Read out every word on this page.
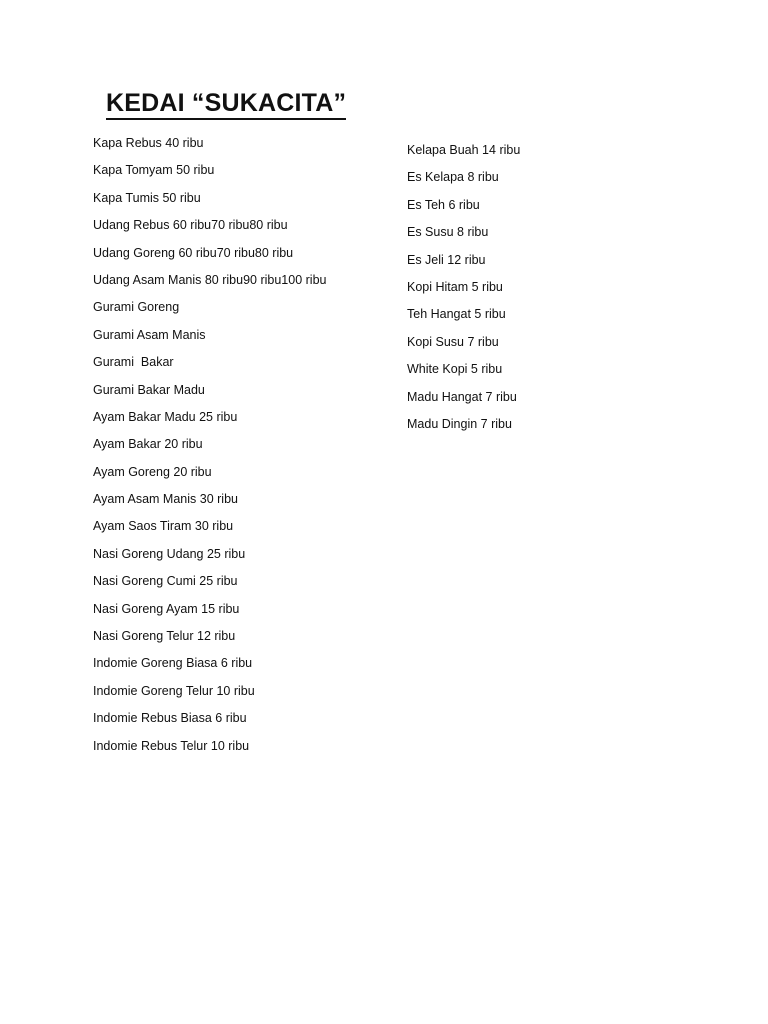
KEDAI “SUKACITA”
Kapa Rebus 40 ribu
Kapa Tomyam 50 ribu
Kapa Tumis 50 ribu
Udang Rebus 60 ribu70 ribu80 ribu
Udang Goreng 60 ribu70 ribu80 ribu
Udang Asam Manis 80 ribu90 ribu100 ribu
Gurami Goreng
Gurami Asam Manis
Gurami  Bakar
Gurami Bakar Madu
Ayam Bakar Madu 25 ribu
Ayam Bakar 20 ribu
Ayam Goreng 20 ribu
Ayam Asam Manis 30 ribu
Ayam Saos Tiram 30 ribu
Nasi Goreng Udang 25 ribu
Nasi Goreng Cumi 25 ribu
Nasi Goreng Ayam 15 ribu
Nasi Goreng Telur 12 ribu
Indomie Goreng Biasa 6 ribu
Indomie Goreng Telur 10 ribu
Indomie Rebus Biasa 6 ribu
Indomie Rebus Telur 10 ribu
Kelapa Buah 14 ribu
Es Kelapa 8 ribu
Es Teh 6 ribu
Es Susu 8 ribu
Es Jeli 12 ribu
Kopi Hitam 5 ribu
Teh Hangat 5 ribu
Kopi Susu 7 ribu
White Kopi 5 ribu
Madu Hangat 7 ribu
Madu Dingin 7 ribu
